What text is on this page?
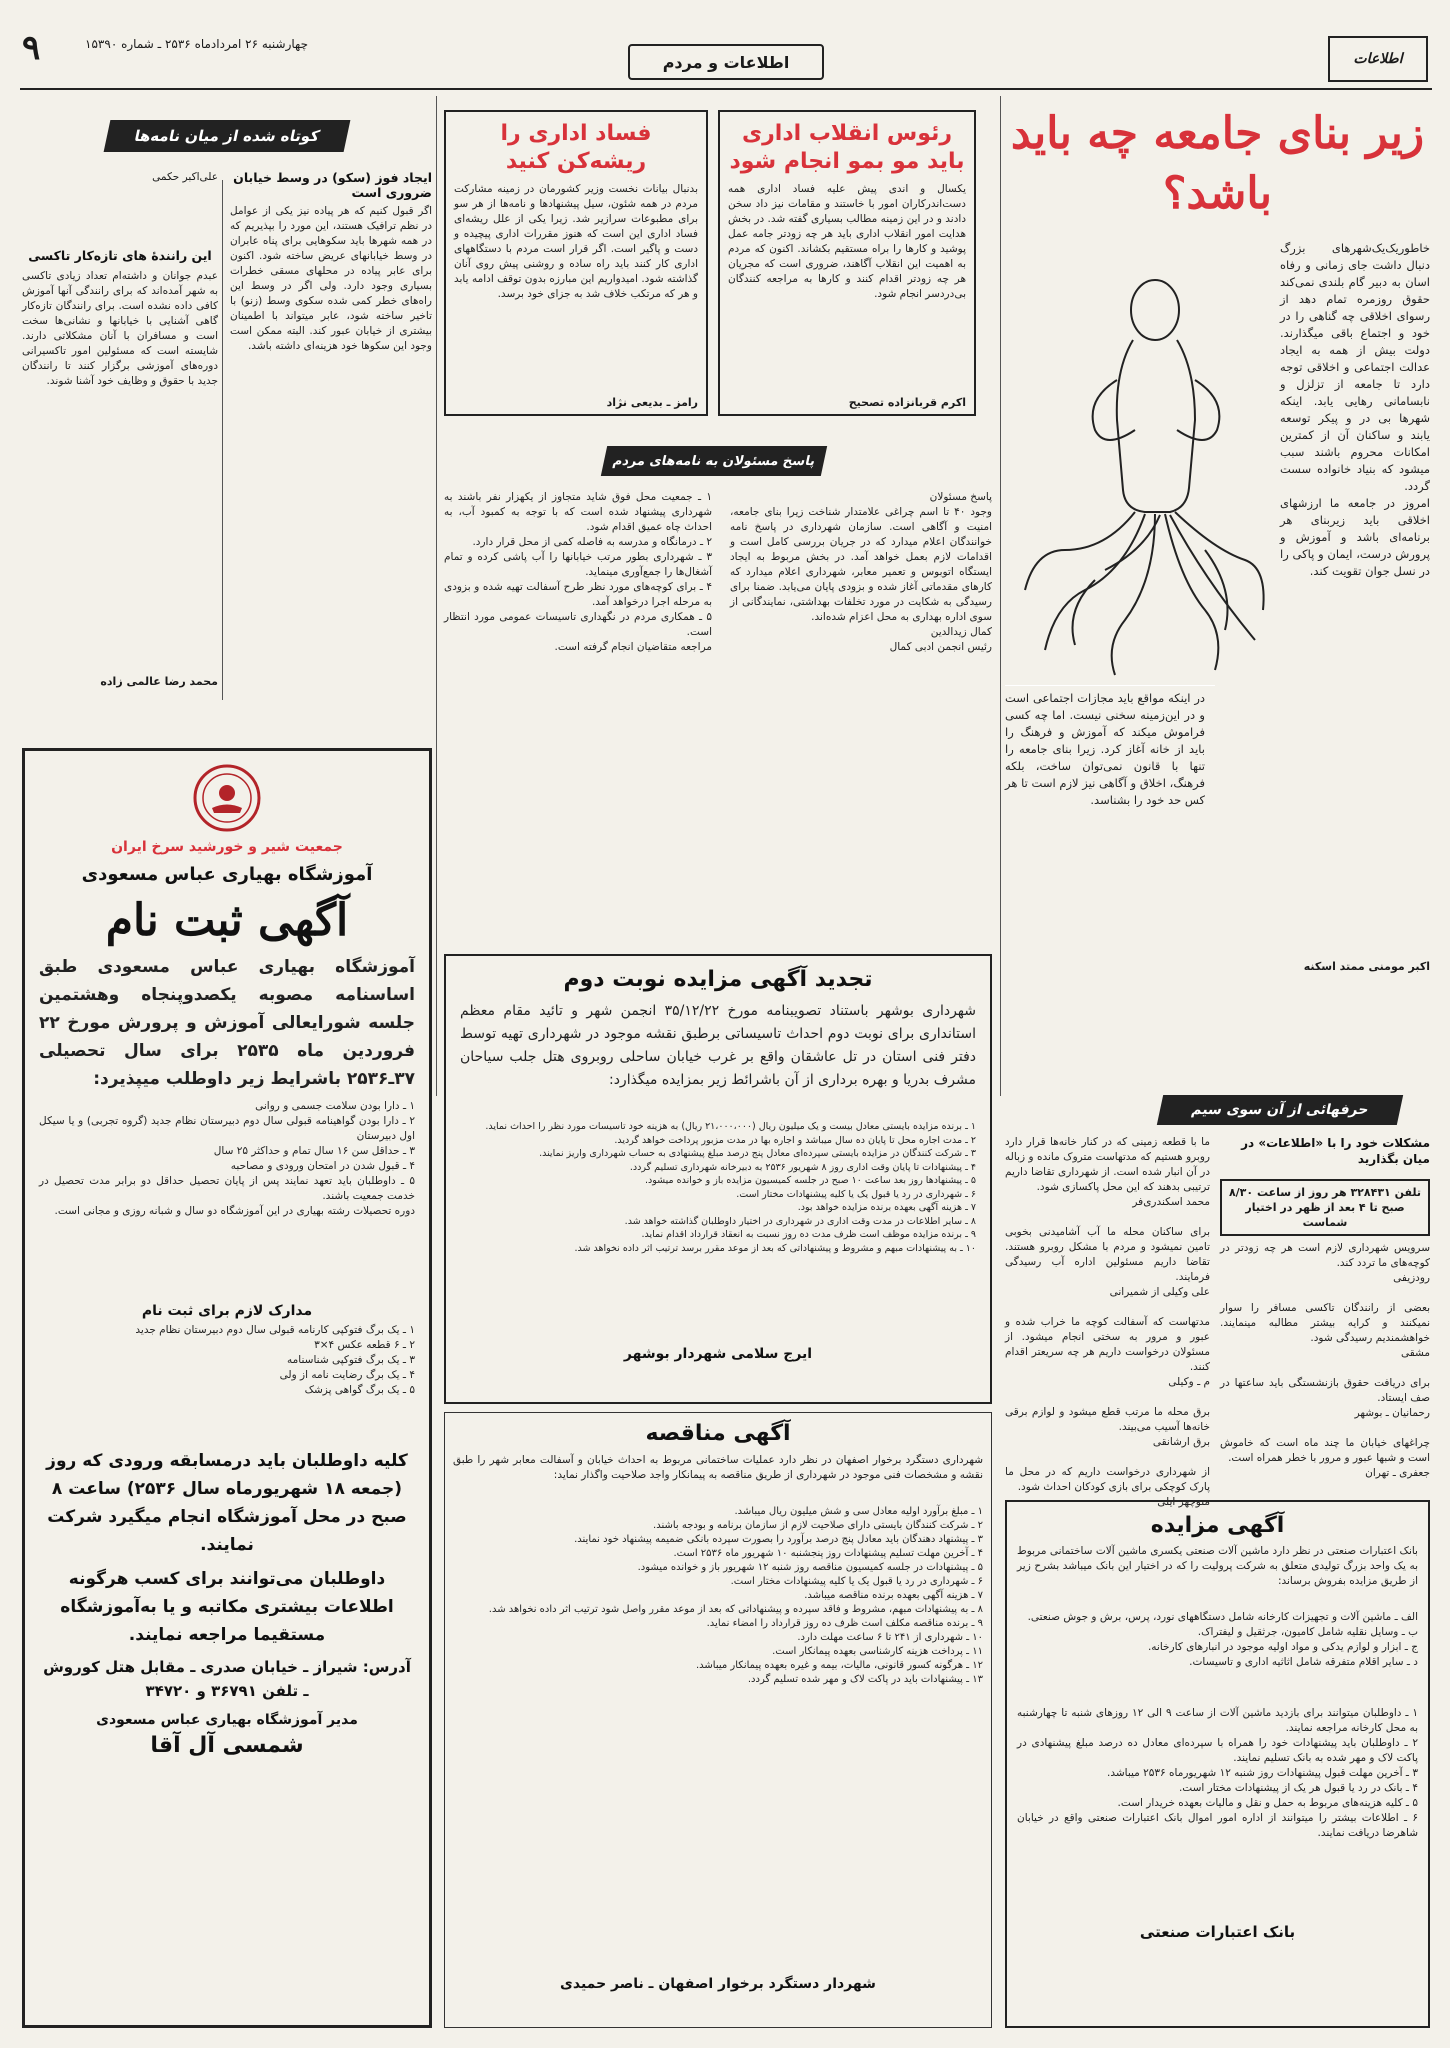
۹	چهارشنبه ۲۶ امردادماه ۲۵۳۶ ـ شماره ۱۵۳۹۰
اطلاعات و مردم	اطلاعات
زیر بنای جامعه چه باید باشد؟
خاطوریک‌یک‌شهر‌های بزرگ دنبال داشت جای زمانی و رفاه اسان به دبیر گام بلندی نمی‌کند حقوق روزمره تمام دهد از رسوای اخلاقی چه گناهی را در خود و اجتماع باقی میگذارند. دولت بیش از همه به ایجاد عدالت اجتماعی و اخلاقی توجه دارد تا جامعه از تزلزل و نابسامانی رهایی یابد. اینکه شهرها بی در و پیکر توسعه یابند و ساکنان آن از کمترین امکانات محروم باشند سبب میشود که بنیاد خانواده سست گردد.
امروز در جامعه ما ارزشهای اخلاقی باید زیربنای هر برنامه‌ای باشد و آموزش و پرورش درست، ایمان و پاکی را در نسل جوان تقویت کند.
در اینکه مواقع باید مجازات اجتماعی است و در این‌زمینه سخنی نیست. اما چه کسی فراموش میکند که آموزش و فرهنگ را باید از خانه آغاز کرد. زیرا بنای جامعه را تنها با قانون نمی‌توان ساخت، بلکه فرهنگ، اخلاق و آگاهی نیز لازم است تا هر کس حد خود را بشناسد.
اکبر مومنی ممتد اسکنه
رئوس انقلاب اداری باید مو بمو انجام شود
یکسال و اندی پیش علیه فساد اداری همه دست‌اندرکاران امور با خاستند و مقامات نیز داد سخن دادند و در این زمینه مطالب بسیاری گفته شد. در بخش هدایت امور انقلاب اداری باید هر چه زودتر جامه عمل پوشید و کارها را براه مستقیم بکشاند. اکنون که مردم به اهمیت این انقلاب آگاهند، ضروری است که مجریان هر چه زودتر اقدام کنند و کارها به مراجعه کنندگان بی‌دردسر انجام شود.
اکرم قربانزاده تصحیح
فساد اداری را ریشه‌کن کنید
بدنبال بیانات نخست وزیر کشورمان در زمینه مشارکت مردم در همه شئون، سیل پیشنهادها و نامه‌ها از هر سو برای مطبوعات سرازیر شد. زیرا یکی از علل ریشه‌ای فساد اداری این است که هنوز مقررات اداری پیچیده و دست و پاگیر است. اگر قرار است مردم با دستگاههای اداری کار کنند باید راه ساده و روشنی پیش روی آنان گذاشته شود. امیدواریم این مبارزه بدون توقف ادامه یابد و هر که مرتکب خلاف شد به جزای خود برسد.
رامز ـ بدیعی نژاد
کوتاه شده از میان نامه‌ها
ایجاد فوز (سکو) در وسط خیابان ضروری است
اگر قبول کنیم که هر پیاده نیز یکی از عوامل در نظم ترافیک هستند، این مورد را بپذیریم که در همه شهرها باید سکوهایی برای پناه عابران در وسط خیابانهای عریض ساخته شود. اکنون برای عابر پیاده در محلهای مسقی خطرات بسیاری وجود دارد. ولی اگر در وسط این راه‌های خطر کمی شده سکوی وسط (زنو) با تاخیر ساخته شود، عابر میتواند با اطمینان بیشتری از خیابان عبور کند. البته ممکن است وجود این سکوها خود هزینه‌ای داشته باشد.
علی‌اکبر حکمی
این رانندهٔ های تازه‌کار تاکسی
عبدم جوانان و داشته‌ام تعداد زیادی تاکسی به شهر آمده‌اند که برای رانندگی آنها آموزش کافی داده نشده است. برای رانندگان تازه‌کار گاهی آشنایی با خیابانها و نشانی‌ها سخت است و مسافران با آنان مشکلاتی دارند. شایسته است که مسئولین امور تاکسیرانی دوره‌های آموزشی برگزار کنند تا رانندگان جدید با حقوق و وظایف خود آشنا شوند.
محمد رضا عالمی زاده
پاسخ مسئولان به نامه‌های مردم
پاسخ مسئولان
وجود ۴۰ تا اسم چراغی علامتدار شناخت زیرا بنای جامعه، امنیت و آگاهی است. سازمان شهرداری در پاسخ نامه خوانندگان اعلام میدارد که در جریان بررسی کامل است و اقدامات لازم بعمل خواهد آمد. در بخش مربوط به ایجاد ایستگاه اتوبوس و تعمیر معابر، شهرداری اعلام میدارد که کارهای مقدماتی آغاز شده و بزودی پایان می‌یابد. ضمنا برای رسیدگی به شکایت در مورد تخلفات بهداشتی، نمایندگانی از سوی اداره بهداری به محل اعزام شده‌اند.
کمال زیدالدین
رئیس انجمن ادبی کمال
۱ ـ جمعیت محل فوق شاید متجاوز از یکهزار نفر باشند به شهرداری پیشنهاد شده است که با توجه به کمبود آب، به احداث چاه عمیق اقدام شود.
۲ ـ درمانگاه و مدرسه به فاصله کمی از محل قرار دارد.
۳ ـ شهرداری بطور مرتب خیابانها را آب پاشی کرده و تمام آشغال‌ها را جمع‌آوری مینماید.
۴ ـ برای کوچه‌های مورد نظر طرح آسفالت تهیه شده و بزودی به مرحله اجرا درخواهد آمد.
۵ ـ همکاری مردم در نگهداری تاسیسات عمومی مورد انتظار است.
مراجعه متقاضیان انجام گرفته است.
حرفهائی از آن سوی سیم
مشکلات خود را با «اطلاعات» در میان بگذارید
تلفن ۳۲۸۴۳۱ هر روز از ساعت ۸/۳۰ صبح تا ۴ بعد از ظهر در اختیار شماست
ما با قطعه زمینی که در کنار خانه‌ها قرار دارد روبرو هستیم که مدتهاست متروک مانده و زباله در آن انبار شده است. از شهرداری تقاضا داریم ترتیبی بدهند که این محل پاکسازی شود.
محمد اسکندری‌فر

برای ساکنان محله ما آب آشامیدنی بخوبی تامین نمیشود و مردم با مشکل روبرو هستند. تقاضا داریم مسئولین اداره آب رسیدگی فرمایند.
علی وکیلی از شمیرانی

مدتهاست که آسفالت کوچه ما خراب شده و عبور و مرور به سختی انجام میشود. از مسئولان درخواست داریم هر چه سریعتر اقدام کنند.
م ـ وکیلی

برق محله ما مرتب قطع میشود و لوازم برقی خانه‌ها آسیب می‌بیند.
برق ارشانقی

از شهرداری درخواست داریم که در محل ما پارک کوچکی برای بازی کودکان احداث شود.
منوچهر ایلی
سرویس شهرداری لازم است هر چه زودتر در کوچه‌های ما تردد کند.
رودزیفی

بعضی از رانندگان تاکسی مسافر را سوار نمیکنند و کرایه بیشتر مطالبه مینمایند. خواهشمندیم رسیدگی شود.
مشقی

برای دریافت حقوق بازنشستگی باید ساعتها در صف ایستاد.
رحمانیان ـ بوشهر

چراغهای خیابان ما چند ماه است که خاموش است و شبها عبور و مرور با خطر همراه است.
جعفری ـ تهران
تجدید آگهی مزایده نوبت دوم
شهرداری بوشهر باستناد تصویبنامه مورخ ۳۵/۱۲/۲۲ انجمن شهر و تائید مقام معظم استانداری برای نوبت دوم احداث تاسیساتی برطبق نقشه موجود در شهرداری تهیه توسط دفتر فنی استان در تل عاشقان واقع بر غرب خیابان ساحلی روبروی هتل جلب سیاحان مشرف بدریا و بهره برداری از آن باشرائط زیر بمزایده میگذارد:
۱ ـ برنده مزایده بایستی معادل بیست و یک میلیون ریال (۲۱،۰۰۰،۰۰۰ ریال) به هزینه خود تاسیسات مورد نظر را احداث نماید.
۲ ـ مدت اجاره محل تا پایان ده سال میباشد و اجاره بها در مدت مزبور پرداخت خواهد گردید.
۳ ـ شرکت کنندگان در مزایده بایستی سپرده‌ای معادل پنج درصد مبلغ پیشنهادی به حساب شهرداری واریز نمایند.
۴ ـ پیشنهادات تا پایان وقت اداری روز ۸ شهریور ۲۵۳۶ به دبیرخانه شهرداری تسلیم گردد.
۵ ـ پیشنهادها روز بعد ساعت ۱۰ صبح در جلسه کمیسیون مزایده باز و خوانده میشود.
۶ ـ شهرداری در رد یا قبول یک یا کلیه پیشنهادات مختار است.
۷ ـ هزینه آگهی بعهده برنده مزایده خواهد بود.
۸ ـ سایر اطلاعات در مدت وقت اداری در شهرداری در اختیار داوطلبان گذاشته خواهد شد.
۹ ـ برنده مزایده موظف است ظرف مدت ده روز نسبت به انعقاد قرارداد اقدام نماید.
۱۰ ـ به پیشنهادات مبهم و مشروط و پیشنهاداتی که بعد از موعد مقرر برسد ترتیب اثر داده نخواهد شد.
ایرج سلامی شهردار بوشهر
جمعیت شیر و خورشید سرخ ایران
آموزشگاه بهیاری عباس مسعودی
آگهی ثبت نام
آموزشگاه بهیاری عباس مسعودی طبق اساسنامه مصوبه یکصدوپنجاه وهشتمین جلسه شورایعالی آموزش و پرورش مورخ ۲۲ فروردین ماه ۲۵۳۵ برای سال تحصیلی ۳۷ـ۲۵۳۶ باشرایط زیر داوطلب میپذیرد:
۱ ـ دارا بودن سلامت جسمی و روانی
۲ ـ دارا بودن گواهینامه قبولی سال دوم دبیرستان نظام جدید (گروه تجربی) و یا سیکل اول دبیرستان
۳ ـ حداقل سن ۱۶ سال تمام و حداکثر ۲۵ سال
۴ ـ قبول شدن در امتحان ورودی و مصاحبه
۵ ـ داوطلبان باید تعهد نمایند پس از پایان تحصیل حداقل دو برابر مدت تحصیل در خدمت جمعیت باشند.
دوره تحصیلات رشته بهیاری در این آموزشگاه دو سال و شبانه روزی و مجانی است.
مدارک لازم برای ثبت نام
۱ ـ یک برگ فتوکپی کارنامه قبولی سال دوم دبیرستان نظام جدید
۲ ـ ۶ قطعه عکس ۴×۳
۳ ـ یک برگ فتوکپی شناسنامه
۴ ـ یک برگ رضایت نامه از ولی
۵ ـ یک برگ گواهی پزشک
کلیه داوطلبان باید درمسابقه ورودی که روز (جمعه ۱۸ شهریورماه سال ۲۵۳۶) ساعت ۸ صبح در محل آموزشگاه انجام میگیرد شرکت نمایند.
داوطلبان می‌توانند برای کسب هرگونه اطلاعات بیشتری مکاتبه و یا به‌آموزشگاه مستقیما مراجعه نمایند.
آدرس: شیراز ـ خیابان صدری ـ مقابل هتل کوروش ـ تلفن ۳۶۷۹۱ و ۳۴۷۲۰
مدیر آموزشگاه بهیاری عباس مسعودی
شمسی آل آقا
آگهی مناقصه
شهرداری دستگرد برخوار اصفهان در نظر دارد عملیات ساختمانی مربوط به احداث خیابان و آسفالت معابر شهر را طبق نقشه و مشخصات فنی موجود در شهرداری از طریق مناقصه به پیمانکار واجد صلاحیت واگذار نماید:
۱ ـ مبلغ برآورد اولیه معادل سی و شش میلیون ریال میباشد.
۲ ـ شرکت کنندگان بایستی دارای صلاحیت لازم از سازمان برنامه و بودجه باشند.
۳ ـ پیشنهاد دهندگان باید معادل پنج درصد برآورد را بصورت سپرده بانکی ضمیمه پیشنهاد خود نمایند.
۴ ـ آخرین مهلت تسلیم پیشنهادات روز پنجشنبه ۱۰ شهریور ماه ۲۵۳۶ است.
۵ ـ پیشنهادات در جلسه کمیسیون مناقصه روز شنبه ۱۲ شهریور باز و خوانده میشود.
۶ ـ شهرداری در رد یا قبول یک یا کلیه پیشنهادات مختار است.
۷ ـ هزینه آگهی بعهده برنده مناقصه میباشد.
۸ ـ به پیشنهادات مبهم، مشروط و فاقد سپرده و پیشنهاداتی که بعد از موعد مقرر واصل شود ترتیب اثر داده نخواهد شد.
۹ ـ برنده مناقصه مکلف است ظرف ده روز قرارداد را امضاء نماید.
۱۰ ـ شهرداری از ۲۴۱ تا ۶ ساعت مهلت دارد.
۱۱ ـ پرداخت هزینه کارشناسی بعهده پیمانکار است.
۱۲ ـ هرگونه کسور قانونی، مالیات، بیمه و غیره بعهده پیمانکار میباشد.
۱۳ ـ پیشنهادات باید در پاکت لاک و مهر شده تسلیم گردد.
شهردار دستگرد برخوار اصفهان ـ ناصر حمیدی
آگهی مزایده
بانک اعتبارات صنعتی در نظر دارد ماشین آلات صنعتی یکسری ماشین آلات ساختمانی مربوط به یک واحد بزرگ تولیدی متعلق به شرکت پرولیت را که در اختیار این بانک میباشد بشرح زیر از طریق مزایده بفروش برساند:
الف ـ ماشین آلات و تجهیزات کارخانه شامل دستگاههای نورد، پرس، برش و جوش صنعتی.
ب ـ وسایل نقلیه شامل کامیون، جرثقیل و لیفتراک.
ج ـ ابزار و لوازم یدکی و مواد اولیه موجود در انبارهای کارخانه.
د ـ سایر اقلام متفرقه شامل اثاثیه اداری و تاسیسات.
۱ ـ داوطلبان میتوانند برای بازدید ماشین آلات از ساعت ۹ الی ۱۲ روزهای شنبه تا چهارشنبه به محل کارخانه مراجعه نمایند.
۲ ـ داوطلبان باید پیشنهادات خود را همراه با سپرده‌ای معادل ده درصد مبلغ پیشنهادی در پاکت لاک و مهر شده به بانک تسلیم نمایند.
۳ ـ آخرین مهلت قبول پیشنهادات روز شنبه ۱۲ شهریورماه ۲۵۳۶ میباشد.
۴ ـ بانک در رد یا قبول هر یک از پیشنهادات مختار است.
۵ ـ کلیه هزینه‌های مربوط به حمل و نقل و مالیات بعهده خریدار است.
۶ ـ اطلاعات بیشتر را میتوانند از اداره امور اموال بانک اعتبارات صنعتی واقع در خیابان شاهرضا دریافت نمایند.
بانک اعتبارات صنعتی
